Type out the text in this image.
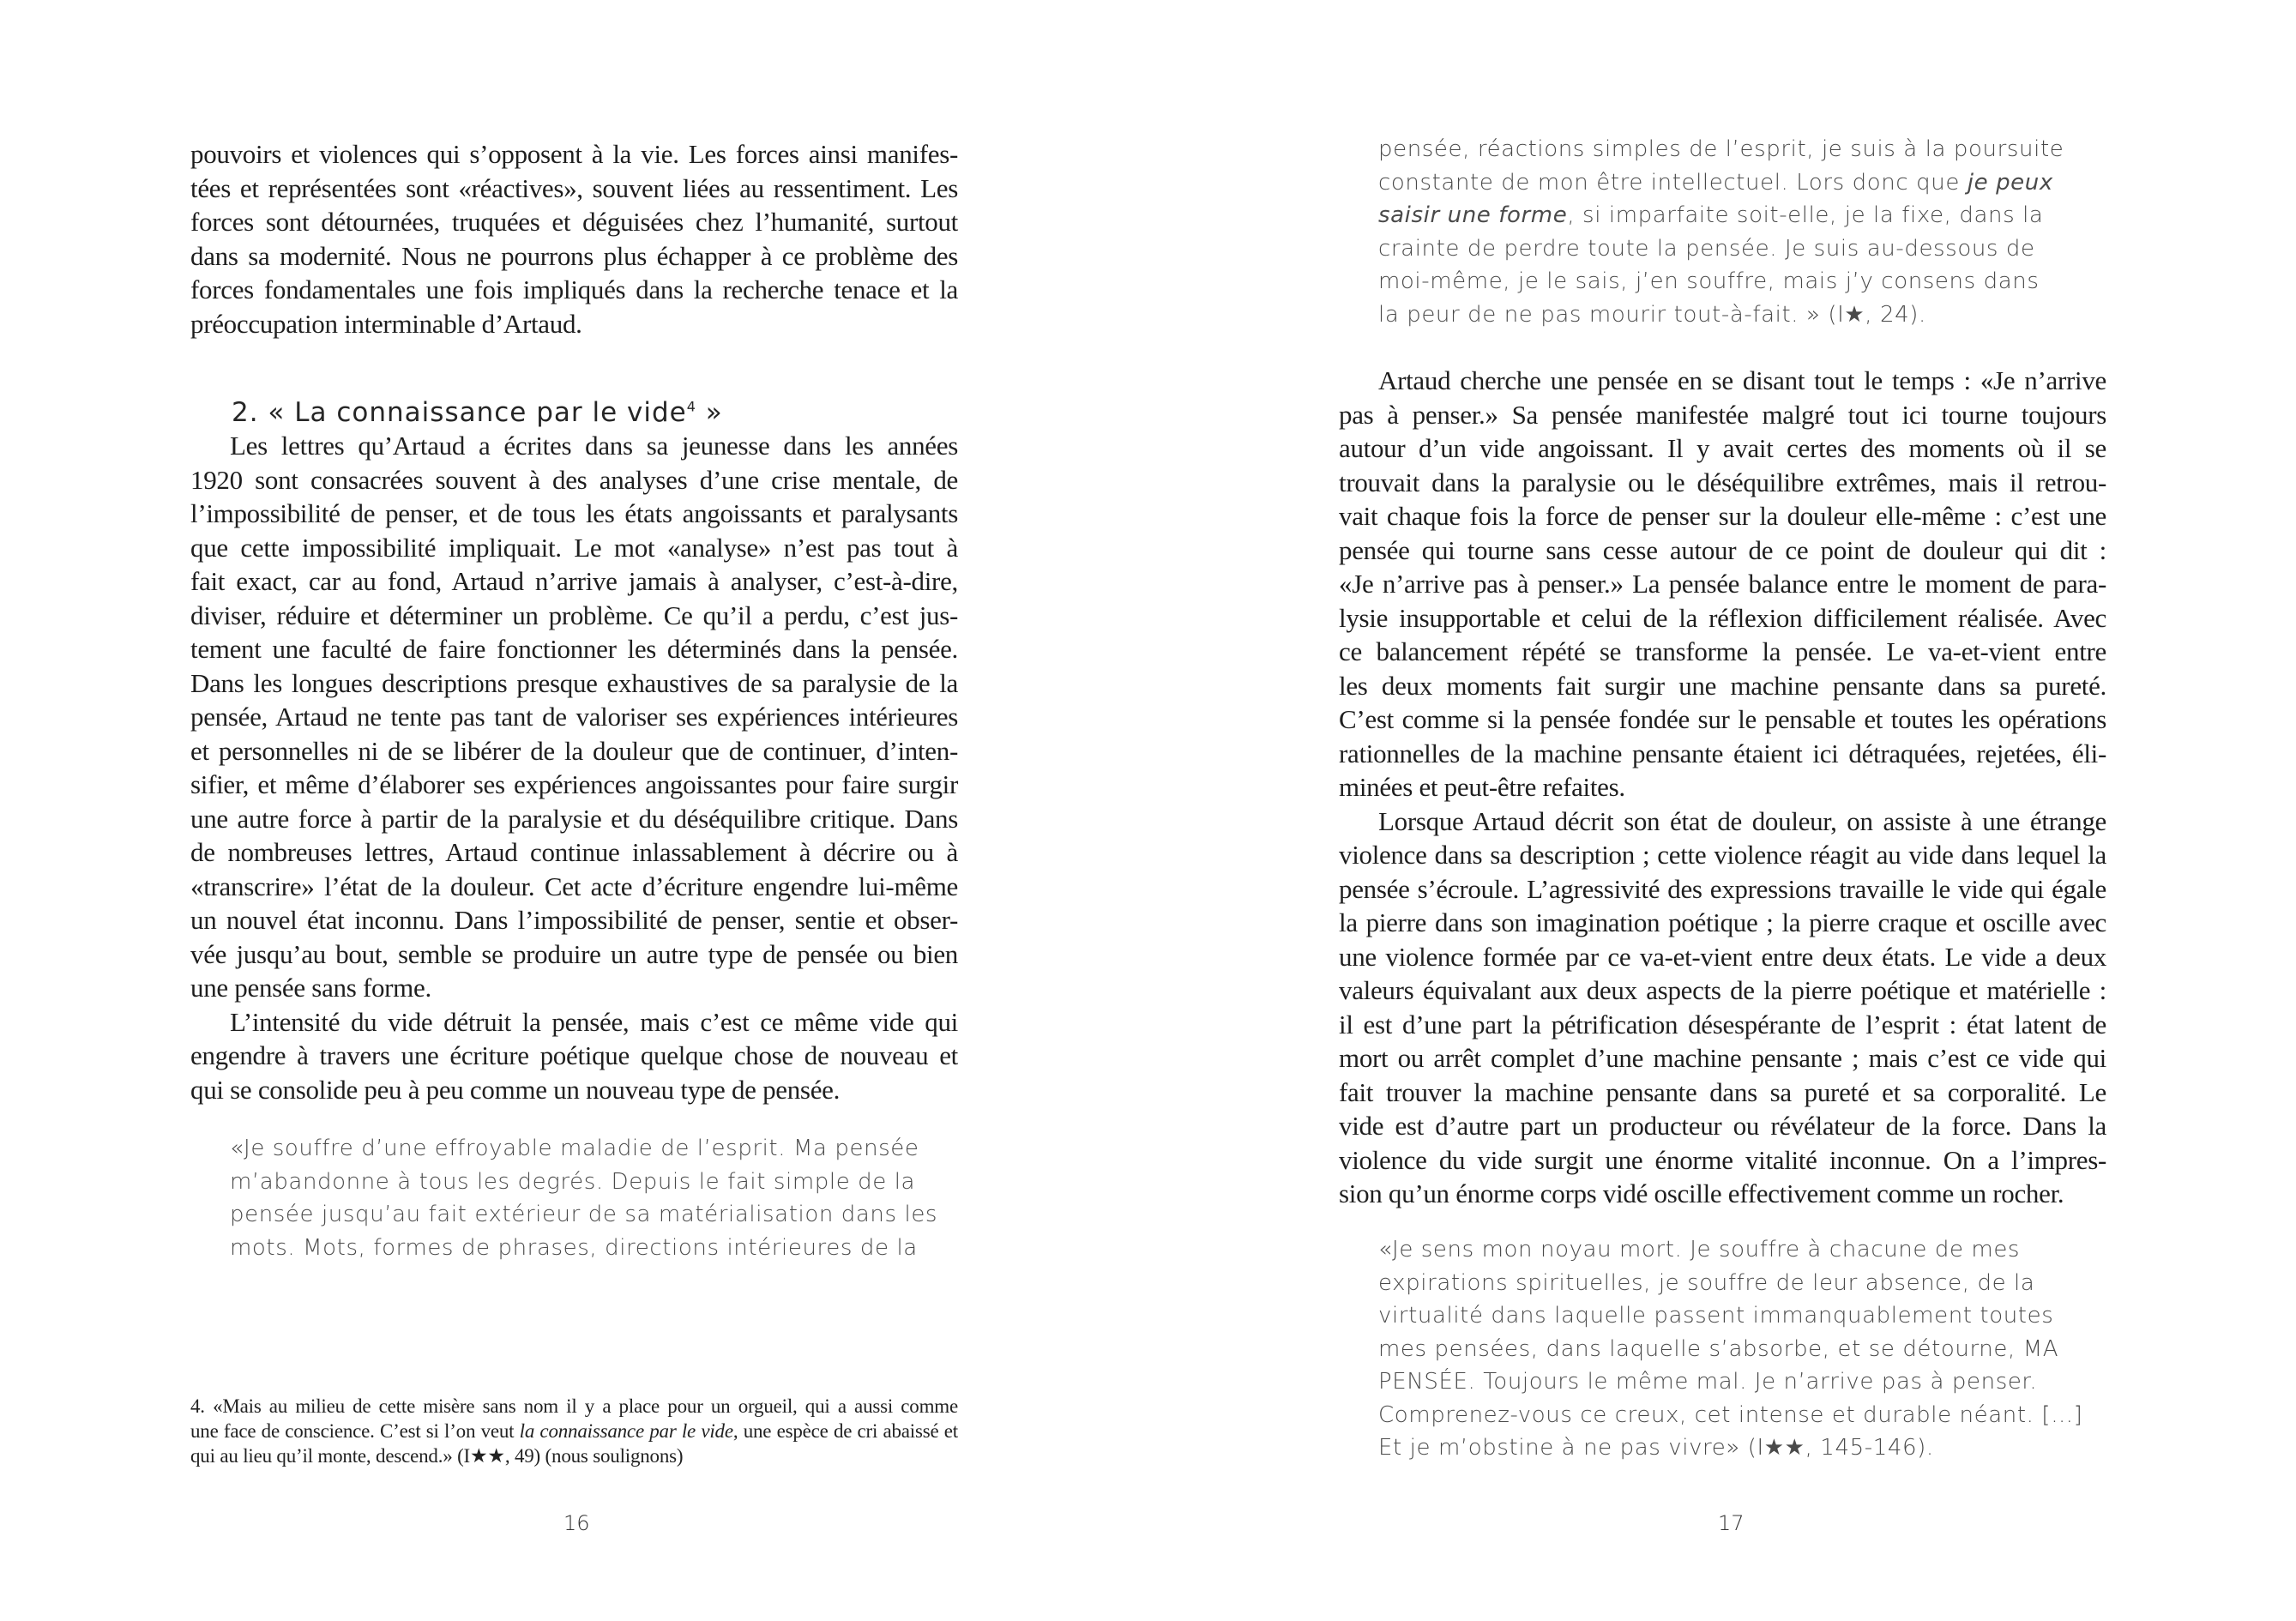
pouvoirs et violences qui s’opposent à la vie. Les forces ainsi manifes-
tées et représentées sont «réactives», souvent liées au ressentiment. Les
forces sont détournées, truquées et déguisées chez l’humanité, surtout
dans sa modernité. Nous ne pourrons plus échapper à ce problème des
forces fondamentales une fois impliqués dans la recherche tenace et la
préoccupation interminable d’Artaud.
2. « La connaissance par le vide$^4$ »
Les lettres qu’Artaud a écrites dans sa jeunesse dans les années
1920 sont consacrées souvent à des analyses d’une crise mentale, de
l’impossibilité de penser, et de tous les états angoissants et paralysants
que cette impossibilité impliquait. Le mot «analyse» n’est pas tout à
fait exact, car au fond, Artaud n’arrive jamais à analyser, c’est-à-dire,
diviser, réduire et déterminer un problème. Ce qu’il a perdu, c’est jus-
tement une faculté de faire fonctionner les déterminés dans la pensée.
Dans les longues descriptions presque exhaustives de sa paralysie de la
pensée, Artaud ne tente pas tant de valoriser ses expériences intérieures
et personnelles ni de se libérer de la douleur que de continuer, d’inten-
sifier, et même d’élaborer ses expériences angoissantes pour faire surgir
une autre force à partir de la paralysie et du déséquilibre critique. Dans
de nombreuses lettres, Artaud continue inlassablement à décrire ou à
«transcrire» l’état de la douleur. Cet acte d’écriture engendre lui-même
un nouvel état inconnu. Dans l’impossibilité de penser, sentie et obser-
vée jusqu’au bout, semble se produire un autre type de pensée ou bien
une pensée sans forme.
L’intensité du vide détruit la pensée, mais c’est ce même vide qui
engendre à travers une écriture poétique quelque chose de nouveau et
qui se consolide peu à peu comme un nouveau type de pensée.
«Je souffre d’une effroyable maladie de l’esprit. Ma pensée
m’abandonne à tous les degrés. Depuis le fait simple de la
pensée jusqu’au fait extérieur de sa matérialisation dans les
mots. Mots, formes de phrases, directions intérieures de la
4. «Mais au milieu de cette misère sans nom il y a place pour un orgueil, qui a aussi comme
une face de conscience. C’est si l’on veut la connaissance par le vide, une espèce de cri abaissé et
qui au lieu qu’il monte, descend.» (I★★, 49) (nous soulignons)
16
pensée, réactions simples de l’esprit, je suis à la poursuite
constante de mon être intellectuel. Lors donc que je peux
saisir une forme, si imparfaite soit-elle, je la fixe, dans la
crainte de perdre toute la pensée. Je suis au-dessous de
moi-même, je le sais, j’en souffre, mais j’y consens dans
la peur de ne pas mourir tout-à-fait. » (I★, 24).
Artaud cherche une pensée en se disant tout le temps : «Je n’arrive
pas à penser.» Sa pensée manifestée malgré tout ici tourne toujours
autour d’un vide angoissant. Il y avait certes des moments où il se
trouvait dans la paralysie ou le déséquilibre extrêmes, mais il retrou-
vait chaque fois la force de penser sur la douleur elle-même : c’est une
pensée qui tourne sans cesse autour de ce point de douleur qui dit :
«Je n’arrive pas à penser.» La pensée balance entre le moment de para-
lysie insupportable et celui de la réflexion difficilement réalisée. Avec
ce balancement répété se transforme la pensée. Le va-et-vient entre
les deux moments fait surgir une machine pensante dans sa pureté.
C’est comme si la pensée fondée sur le pensable et toutes les opérations
rationnelles de la machine pensante étaient ici détraquées, rejetées, éli-
minées et peut-être refaites.
Lorsque Artaud décrit son état de douleur, on assiste à une étrange
violence dans sa description ; cette violence réagit au vide dans lequel la
pensée s’écroule. L’agressivité des expressions travaille le vide qui égale
la pierre dans son imagination poétique ; la pierre craque et oscille avec
une violence formée par ce va-et-vient entre deux états. Le vide a deux
valeurs équivalant aux deux aspects de la pierre poétique et matérielle :
il est d’une part la pétrification désespérante de l’esprit : état latent de
mort ou arrêt complet d’une machine pensante ; mais c’est ce vide qui
fait trouver la machine pensante dans sa pureté et sa corporalité. Le
vide est d’autre part un producteur ou révélateur de la force. Dans la
violence du vide surgit une énorme vitalité inconnue. On a l’impres-
sion qu’un énorme corps vidé oscille effectivement comme un rocher.
«Je sens mon noyau mort. Je souffre à chacune de mes
expirations spirituelles, je souffre de leur absence, de la
virtualité dans laquelle passent immanquablement toutes
mes pensées, dans laquelle s’absorbe, et se détourne, MA
PENSÉE. Toujours le même mal. Je n’arrive pas à penser.
Comprenez-vous ce creux, cet intense et durable néant. […]
Et je m’obstine à ne pas vivre» (I★★, 145-146).
17
